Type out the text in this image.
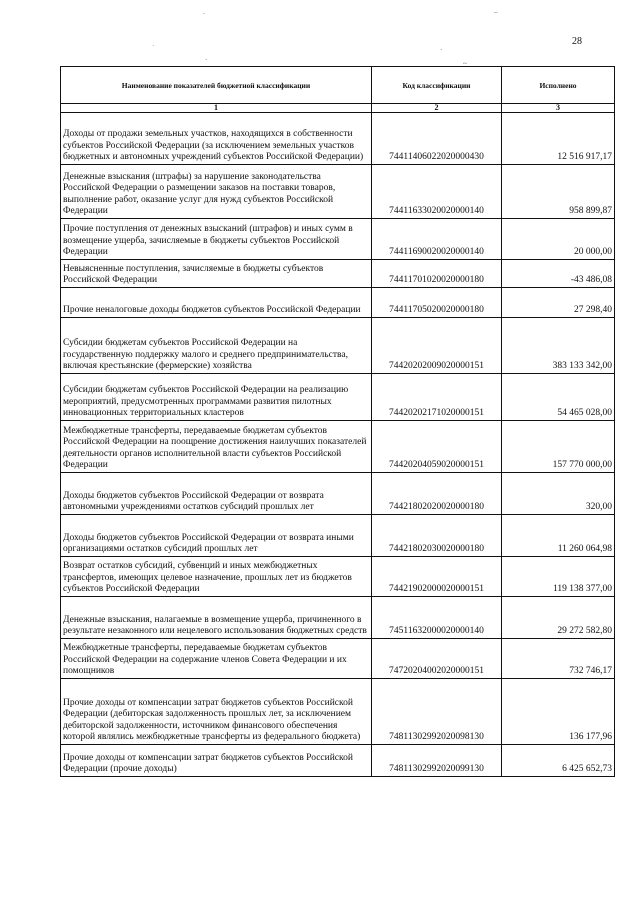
28
.	–
˙	·
`	~
Наименование показателей бюджетной классификации	Код классификации	Исполнено
1	2	3
Доходы от продажи земельных участков, находящихся в собственности субъектов Российской Федерации (за исключением земельных участков бюджетных и автономных учреждений субъектов Российской Федерации)	74411406022020000430	12 516 917,17
Денежные взыскания (штрафы) за нарушение законодательства Российской Федерации о размещении заказов на поставки товаров, выполнение работ, оказание услуг для нужд субъектов Российской Федерации	74411633020020000140	958 899,87
Прочие поступления от денежных взысканий (штрафов) и иных сумм в возмещение ущерба, зачисляемые в бюджеты субъектов Российской Федерации	74411690020020000140	20 000,00
Невыясненные поступления, зачисляемые в бюджеты субъектов Российской Федерации	74411701020020000180	-43 486,08
Прочие неналоговые доходы бюджетов субъектов Российской Федерации	74411705020020000180	27 298,40
Субсидии бюджетам субъектов Российской Федерации на государственную поддержку малого и среднего предпринимательства, включая крестьянские (фермерские) хозяйства	74420202009020000151	383 133 342,00
Субсидии бюджетам субъектов Российской Федерации на реализацию мероприятий, предусмотренных программами развития пилотных инновационных территориальных кластеров	74420202171020000151	54 465 028,00
Межбюджетные трансферты, передаваемые бюджетам субъектов Российской Федерации на поощрение достижения наилучших показателей деятельности органов исполнительной власти субъектов Российской Федерации	74420204059020000151	157 770 000,00
Доходы бюджетов субъектов Российской Федерации от возврата автономными учреждениями остатков субсидий прошлых лет	74421802020020000180	320,00
Доходы бюджетов субъектов Российской Федерации от возврата иными организациями остатков субсидий прошлых лет	74421802030020000180	11 260 064,98
Возврат остатков субсидий, субвенций и иных межбюджетных трансфертов, имеющих целевое назначение, прошлых лет из бюджетов субъектов Российской Федерации	74421902000020000151	119 138 377,00
Денежные взыскания, налагаемые в возмещение ущерба, причиненного в результате незаконного или нецелевого использования бюджетных средств	74511632000020000140	29 272 582,80
Межбюджетные трансферты, передаваемые бюджетам субъектов Российской Федерации на содержание членов Совета Федерации и их помощников	74720204002020000151	732 746,17
Прочие доходы от компенсации затрат бюджетов субъектов Российской Федерации (дебиторская задолженность прошлых лет, за исключением дебиторской задолженности, источником финансового обеспечения которой являлись межбюджетные трансферты из федерального бюджета)	74811302992020098130	136 177,96
Прочие доходы от компенсации затрат бюджетов субъектов Российской Федерации (прочие доходы)	74811302992020099130	6 425 652,73
